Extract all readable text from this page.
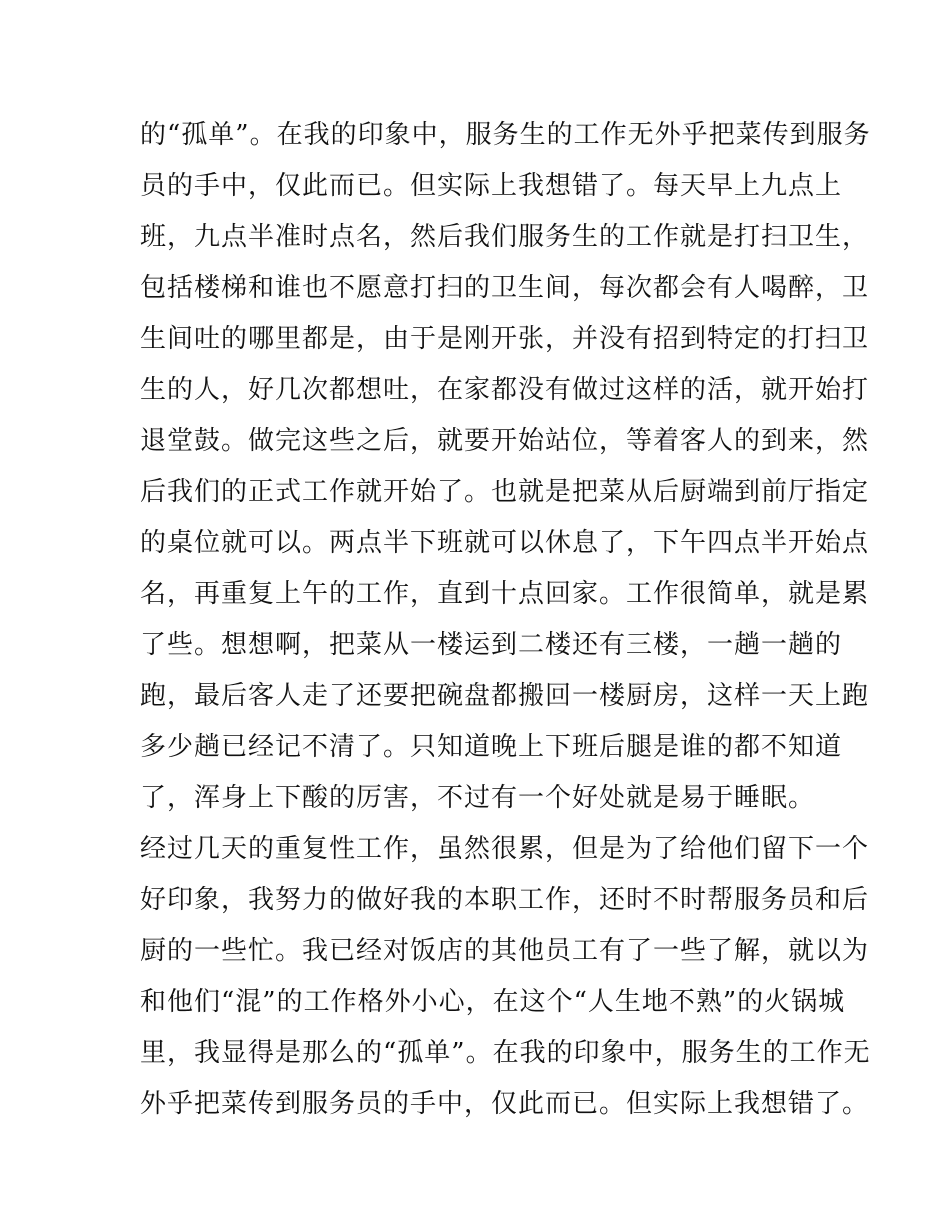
的“孤单”。在我的印象中，服务生的工作无外乎把菜传到服务
员的手中，仅此而已。但实际上我想错了。每天早上九点上
班，九点半准时点名，然后我们服务生的工作就是打扫卫生，
包括楼梯和谁也不愿意打扫的卫生间，每次都会有人喝醉，卫
生间吐的哪里都是，由于是刚开张，并没有招到特定的打扫卫
生的人，好几次都想吐，在家都没有做过这样的活，就开始打
退堂鼓。做完这些之后，就要开始站位，等着客人的到来，然
后我们的正式工作就开始了。也就是把菜从后厨端到前厅指定
的桌位就可以。两点半下班就可以休息了，下午四点半开始点
名，再重复上午的工作，直到十点回家。工作很简单，就是累
了些。想想啊，把菜从一楼运到二楼还有三楼，一趟一趟的
跑，最后客人走了还要把碗盘都搬回一楼厨房，这样一天上跑
多少趟已经记不清了。只知道晚上下班后腿是谁的都不知道
了，浑身上下酸的厉害，不过有一个好处就是易于睡眠。
经过几天的重复性工作，虽然很累，但是为了给他们留下一个
好印象，我努力的做好我的本职工作，还时不时帮服务员和后
厨的一些忙。我已经对饭店的其他员工有了一些了解，就以为
和他们“混”的工作格外小心，在这个“人生地不熟”的火锅城
里，我显得是那么的“孤单”。在我的印象中，服务生的工作无
外乎把菜传到服务员的手中，仅此而已。但实际上我想错了。
